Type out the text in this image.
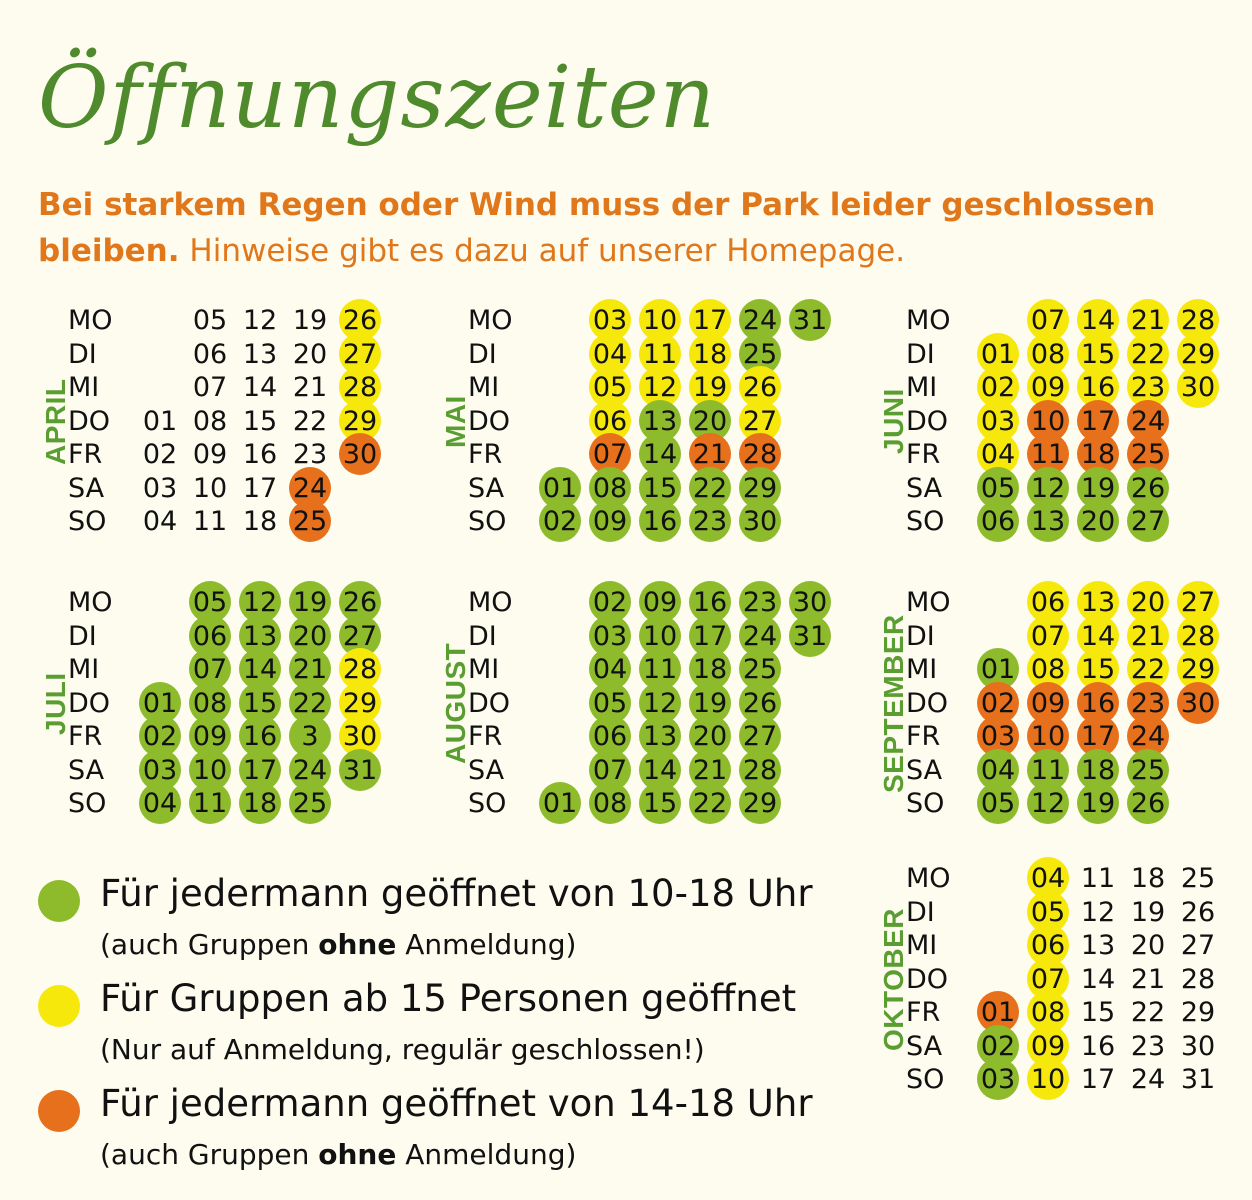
Öffnungszeiten
Bei starkem Regen oder Wind muss der Park leider geschlossen bleiben. Hinweise gibt es dazu auf unserer Homepage.
APRIL
MO
DI
MI
DO
FR
SA
SO
01
02
03
04
05
06
07
08
09
10
11
12
13
14
15
16
17
18
19
20
21
22
23
24
25
26
27
28
29
30
MAI
MO
DI
MI
DO
FR
SA
SO
01
02
03
04
05
06
07
08
09
10
11
12
13
14
15
16
17
18
19
20
21
22
23
24
25
26
27
28
29
30
31
JUNI
MO
DI
MI
DO
FR
SA
SO
01
02
03
04
05
06
07
08
09
10
11
12
13
14
15
16
17
18
19
20
21
22
23
24
25
26
27
28
29
30
JULI
MO
DI
MI
DO
FR
SA
SO
01
02
03
04
05
06
07
08
09
10
11
12
13
14
15
16
17
18
19
20
21
22
3
24
25
26
27
28
29
30
31
AUGUST
MO
DI
MI
DO
FR
SA
SO	01
02
03
04
05
06
07
08
09
10
11
12
13
14
15
16
17
18
19
20
21
22
23
24
25
26
27
28
29
30
31 SEPTEMBER
MO
DI
MI
DO
FR
SA
SO
01
02
03
04
05
06
07
08
09
10
11
12
13
14
15
16
17
18
19
20
21
22
23
24
25
26
27
28
29
30
OKTOBER
MO
DI
MI
DO
FR
SA
SO
01
02
03
04
05
06
07
08
09
10
11
12
13
14
15
16
17
18
19
20
21
22
23
24
25
26
27
28
29
30
31
Für jedermann geöffnet von 10-18 Uhr
(auch Gruppen ohne Anmeldung)
Für Gruppen ab 15 Personen geöffnet
(Nur auf Anmeldung, regulär geschlossen!)
Für jedermann geöffnet von 14-18 Uhr
(auch Gruppen ohne Anmeldung)
